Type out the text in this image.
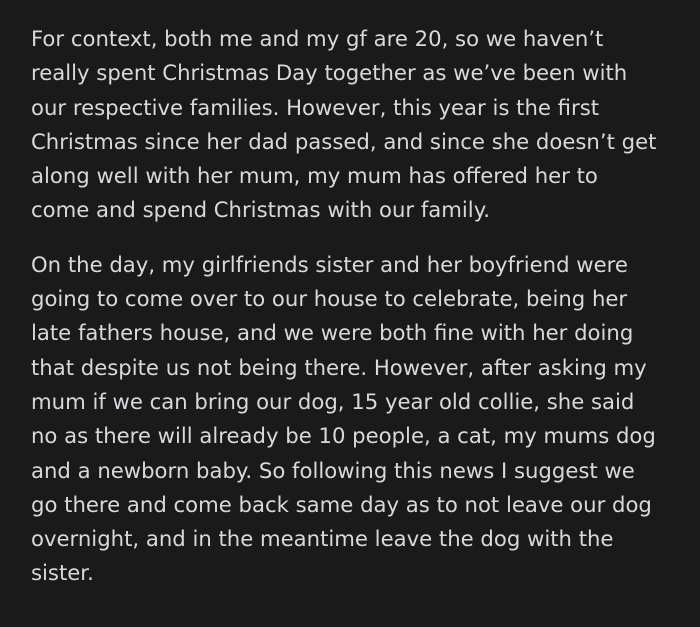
For context, both me and my gf are 20, so we haven’t
really spent Christmas Day together as we’ve been with
our respective families. However, this year is the first
Christmas since her dad passed, and since she doesn’t get
along well with her mum, my mum has offered her to
come and spend Christmas with our family.

On the day, my girlfriends sister and her boyfriend were
going to come over to our house to celebrate, being her
late fathers house, and we were both fine with her doing
that despite us not being there. However, after asking my
mum if we can bring our dog, 15 year old collie, she said
no as there will already be 10 people, a cat, my mums dog
and a newborn baby. So following this news I suggest we
go there and come back same day as to not leave our dog
overnight, and in the meantime leave the dog with the
sister.
